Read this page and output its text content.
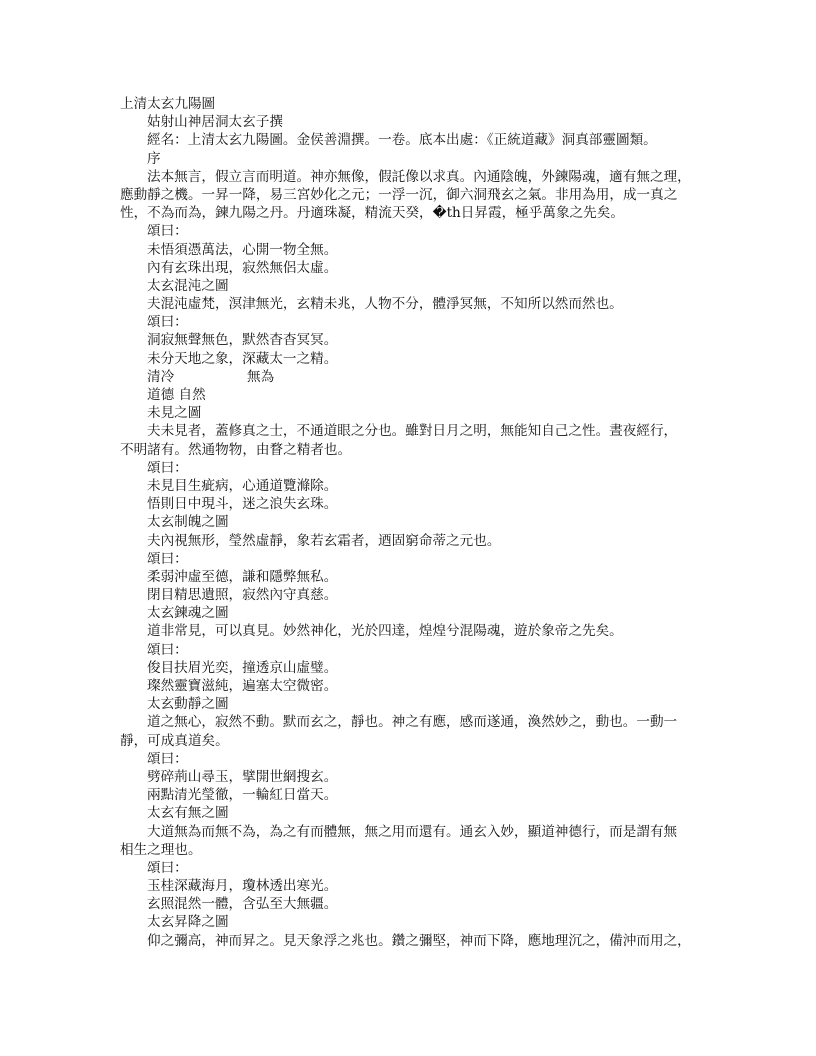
上清太玄九陽圖
姑射山神居洞太玄子撰
經名：上清太玄九陽圖。金侯善淵撰。一卷。底本出處：《正統道藏》洞真部靈圖類。
序
法本無言，假立言而明道。神亦無像，假託像以求真。內通陰魄，外鍊陽魂，適有無之理，
應動靜之機。一昇一降，易三宮妙化之元；一浮一沉，御六洞飛玄之氣。非用為用，成一真之
性，不為而為，鍊九陽之丹。丹適珠凝，精流天癸，�th日昇霞，極乎萬象之先矣。
頌曰：
未悟須憑萬法，心開一物全無。
內有玄珠出現，寂然無侶太虛。
太玄混沌之圖
夫混沌虛梵，溟津無光，玄精未兆，人物不分，體淨冥無，不知所以然而然也。
頌曰：
洞寂無聲無色，默然杳杳冥冥。
未分天地之象，深藏太一之精。
清冷	無為
道德 自然
未見之圖
夫未見者，蓋修真之士，不通道眼之分也。雖對日月之明，無能知自己之性。晝夜經行，
不明諸有。然通物物，由瞀之精者也。
頌曰：
未見目生疵病，心通道覽滌除。
悟則日中現斗，迷之浪失玄珠。
太玄制魄之圖
夫內視無形，瑩然虛靜，象若玄霜者，迺固窮命蒂之元也。
頌曰：
柔弱沖虛至德，謙和隱弊無私。
閉目精思遺照，寂然內守真慈。
太玄鍊魂之圖
道非常見，可以真見。妙然神化，光於四達，煌煌兮混陽魂，遊於象帝之先矣。
頌曰：
俊目扶眉光奕，撞透京山虛璧。
璨然靈寶滋純，遍塞太空微密。
太玄動靜之圖
道之無心，寂然不動。默而玄之，靜也。神之有應，感而遂通，渙然妙之，動也。一動一
靜，可成真道矣。
頌曰：
劈碎荊山尋玉，擘開世網搜玄。
兩點清光瑩徹，一輪紅日當天。
太玄有無之圖
大道無為而無不為，為之有而體無，無之用而還有。通玄入妙，顯道神德行，而是謂有無
相生之理也。
頌曰：
玉桂深藏海月，瓊林透出寒光。
玄照混然一體，含弘至大無疆。
太玄昇降之圖
仰之彌高，神而昇之。見天象浮之兆也。鑽之彌堅，神而下降，應地理沉之，備沖而用之，
